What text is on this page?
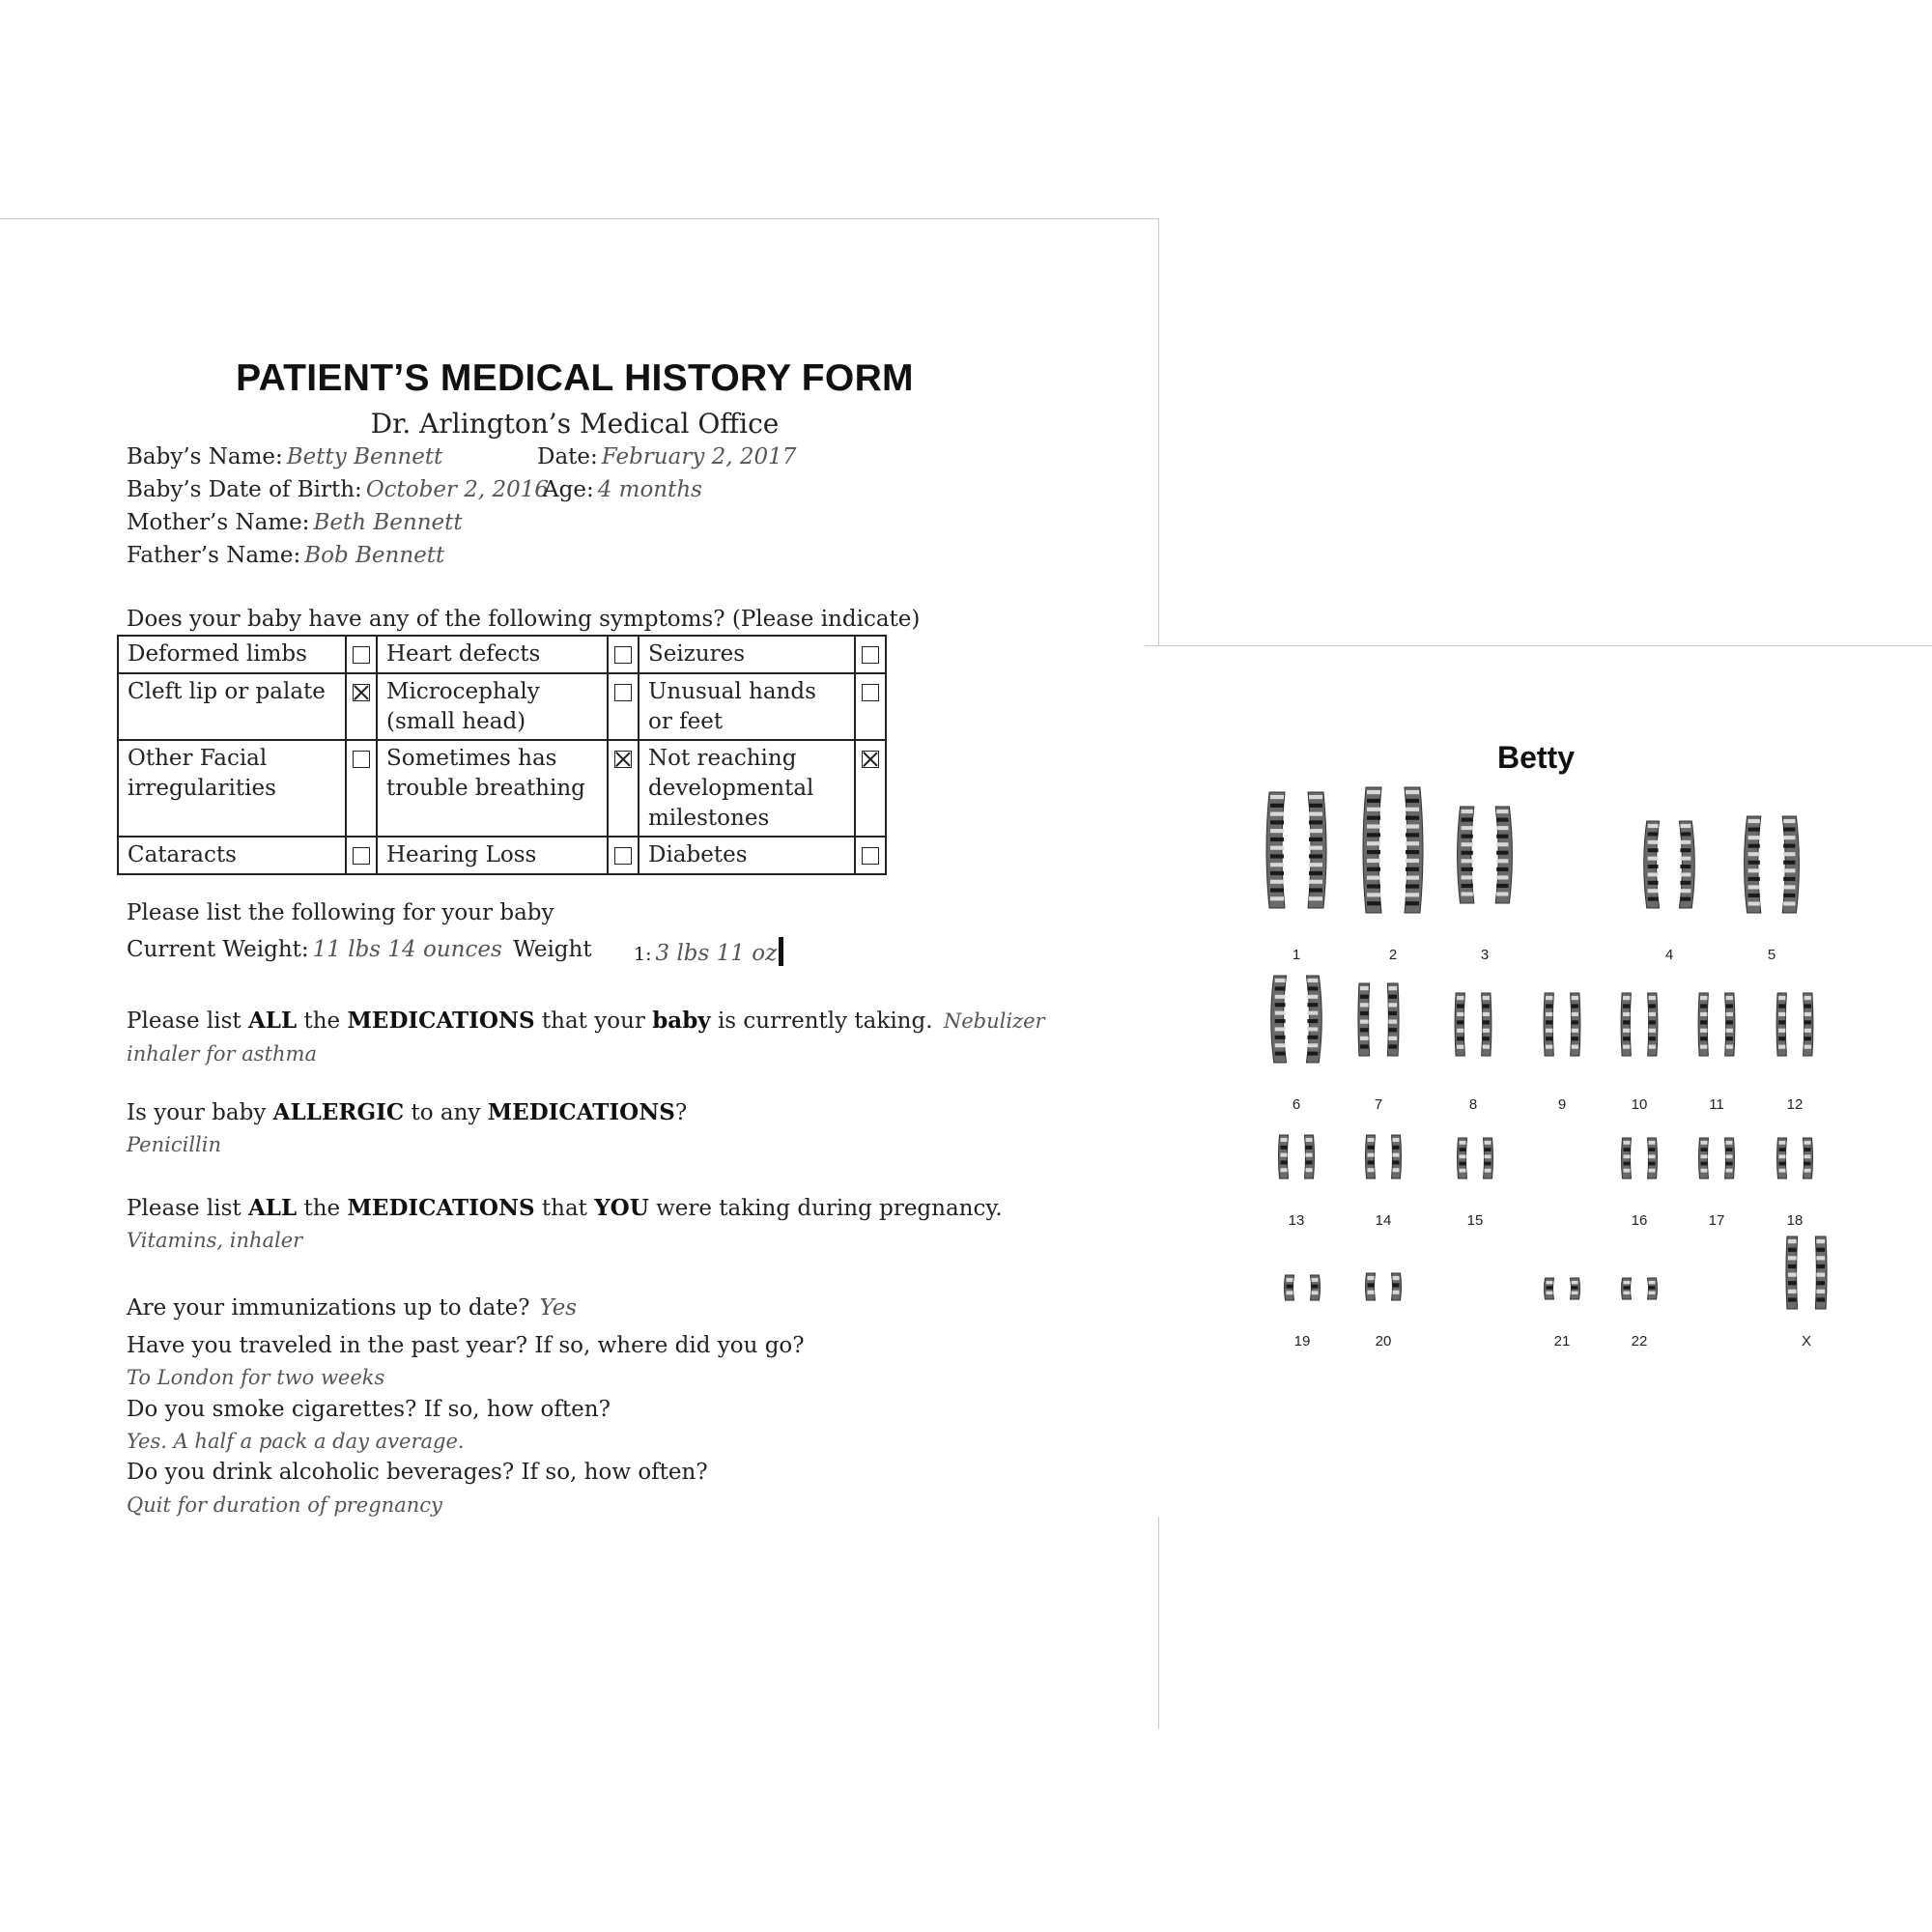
PATIENT’S MEDICAL HISTORY FORM
Dr. Arlington’s Medical Office
Baby’s Name: Betty Bennett	Date: February 2, 2017
Baby’s Date of Birth: October 2, 2016
Age: 4 months
Mother’s Name: Beth Bennett
Father’s Name: Bob Bennett
Does your baby have any of the following symptoms? (Please indicate)
Deformed limbs		Heart defects		Seizures	
Cleft lip or palate		Microcephaly (small head)		Unusual hands or feet	
Other Facial irregularities		Sometimes has trouble breathing		Not reaching developmental milestones	
Cataracts		Hearing Loss		Diabetes	
Please list the following for your baby
Current Weight: 11 lbs 14 ounces Weight 1: 3 lbs 11 oz
Please list ALL the MEDICATIONS that your baby is currently taking. Nebulizer inhaler for asthma
Is your baby ALLERGIC to any MEDICATIONS?
Penicillin
Please list ALL the MEDICATIONS that YOU were taking during pregnancy.
Vitamins, inhaler
Are your immunizations up to date? Yes
Have you traveled in the past year? If so, where did you go?
To London for two weeks
Do you smoke cigarettes? If so, how often?
Yes. A half a pack a day average.
Do you drink alcoholic beverages? If so, how often?
Quit for duration of pregnancy
Betty
1	2	3	4	5
6	7	8	9	10	11	12
13	14	15	16	17	18
19	20	21	22	X
